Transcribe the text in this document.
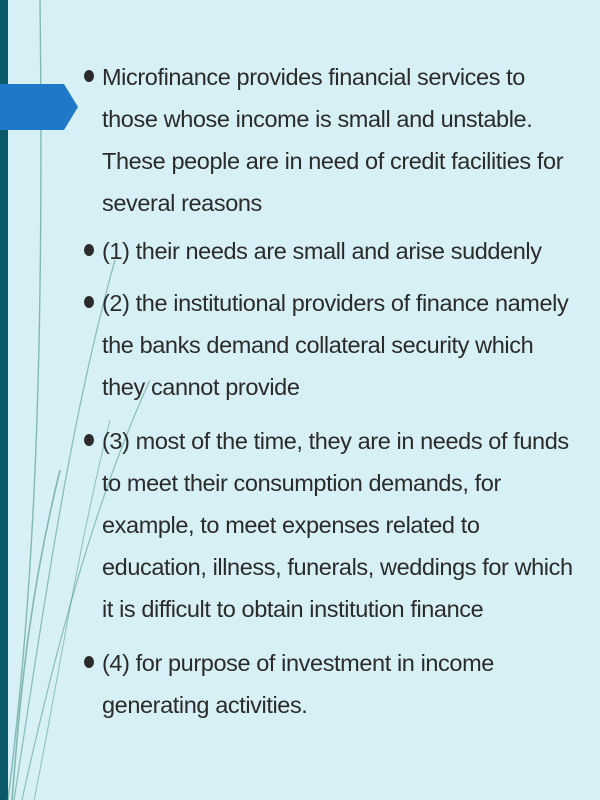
Microfinance provides financial services to those whose income is small and unstable. These people are in need of credit facilities for several reasons
(1) their needs are small and arise suddenly
(2) the institutional providers of finance namely the banks demand collateral security which they cannot provide
(3) most of the time, they are in needs of funds to meet their consumption demands, for example, to meet expenses related to education, illness, funerals, weddings for which it is difficult to obtain institution finance
(4) for purpose of investment in income generating activities.
